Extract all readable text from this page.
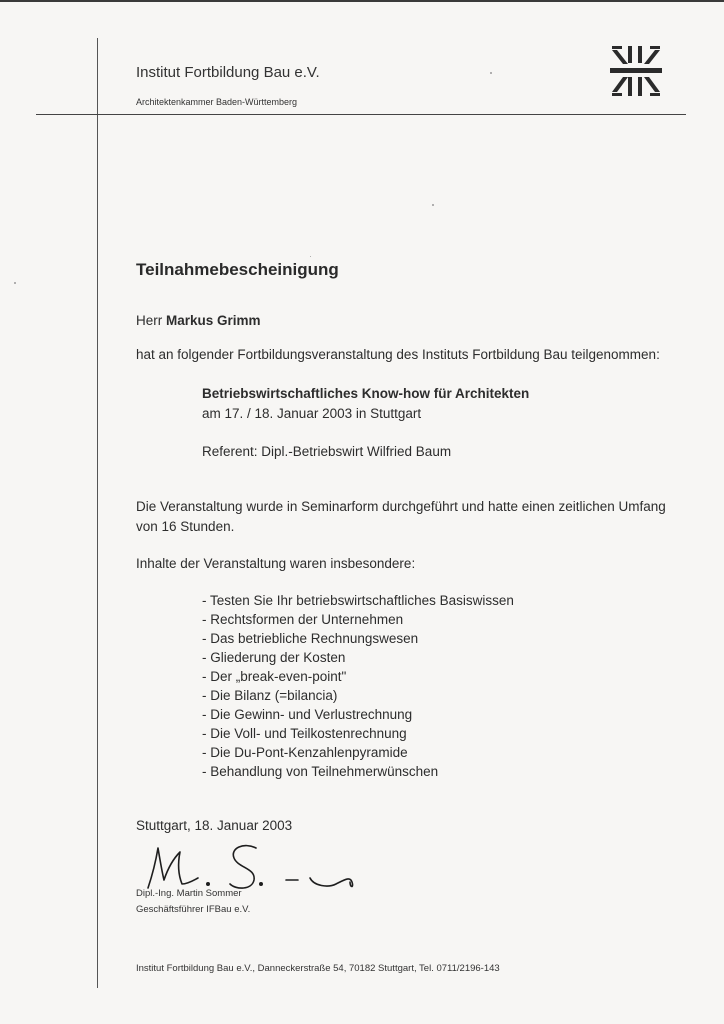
Institut Fortbildung Bau e.V.
Architektenkammer Baden-Württemberg
Teilnahmebescheinigung
Herr Markus Grimm
hat an folgender Fortbildungsveranstaltung des Instituts Fortbildung Bau teilgenommen:
Betriebswirtschaftliches Know-how für Architekten
am 17. / 18. Januar 2003 in Stuttgart
Referent: Dipl.-Betriebswirt Wilfried Baum
Die Veranstaltung wurde in Seminarform durchgeführt und hatte einen zeitlichen Umfang
von 16 Stunden.
Inhalte der Veranstaltung waren insbesondere:
- Testen Sie Ihr betriebswirtschaftliches Basiswissen
- Rechtsformen der Unternehmen
- Das betriebliche Rechnungswesen
- Gliederung der Kosten
- Der „break-even-point"
- Die Bilanz (=bilancia)
- Die Gewinn- und Verlustrechnung
- Die Voll- und Teilkostenrechnung
- Die Du-Pont-Kenzahlenpyramide
- Behandlung von Teilnehmerwünschen
Stuttgart, 18. Januar 2003
Dipl.-Ing. Martin Sommer
Geschäftsführer IFBau e.V.
Institut Fortbildung Bau e.V., Danneckerstraße 54, 70182 Stuttgart, Tel. 0711/2196-143
